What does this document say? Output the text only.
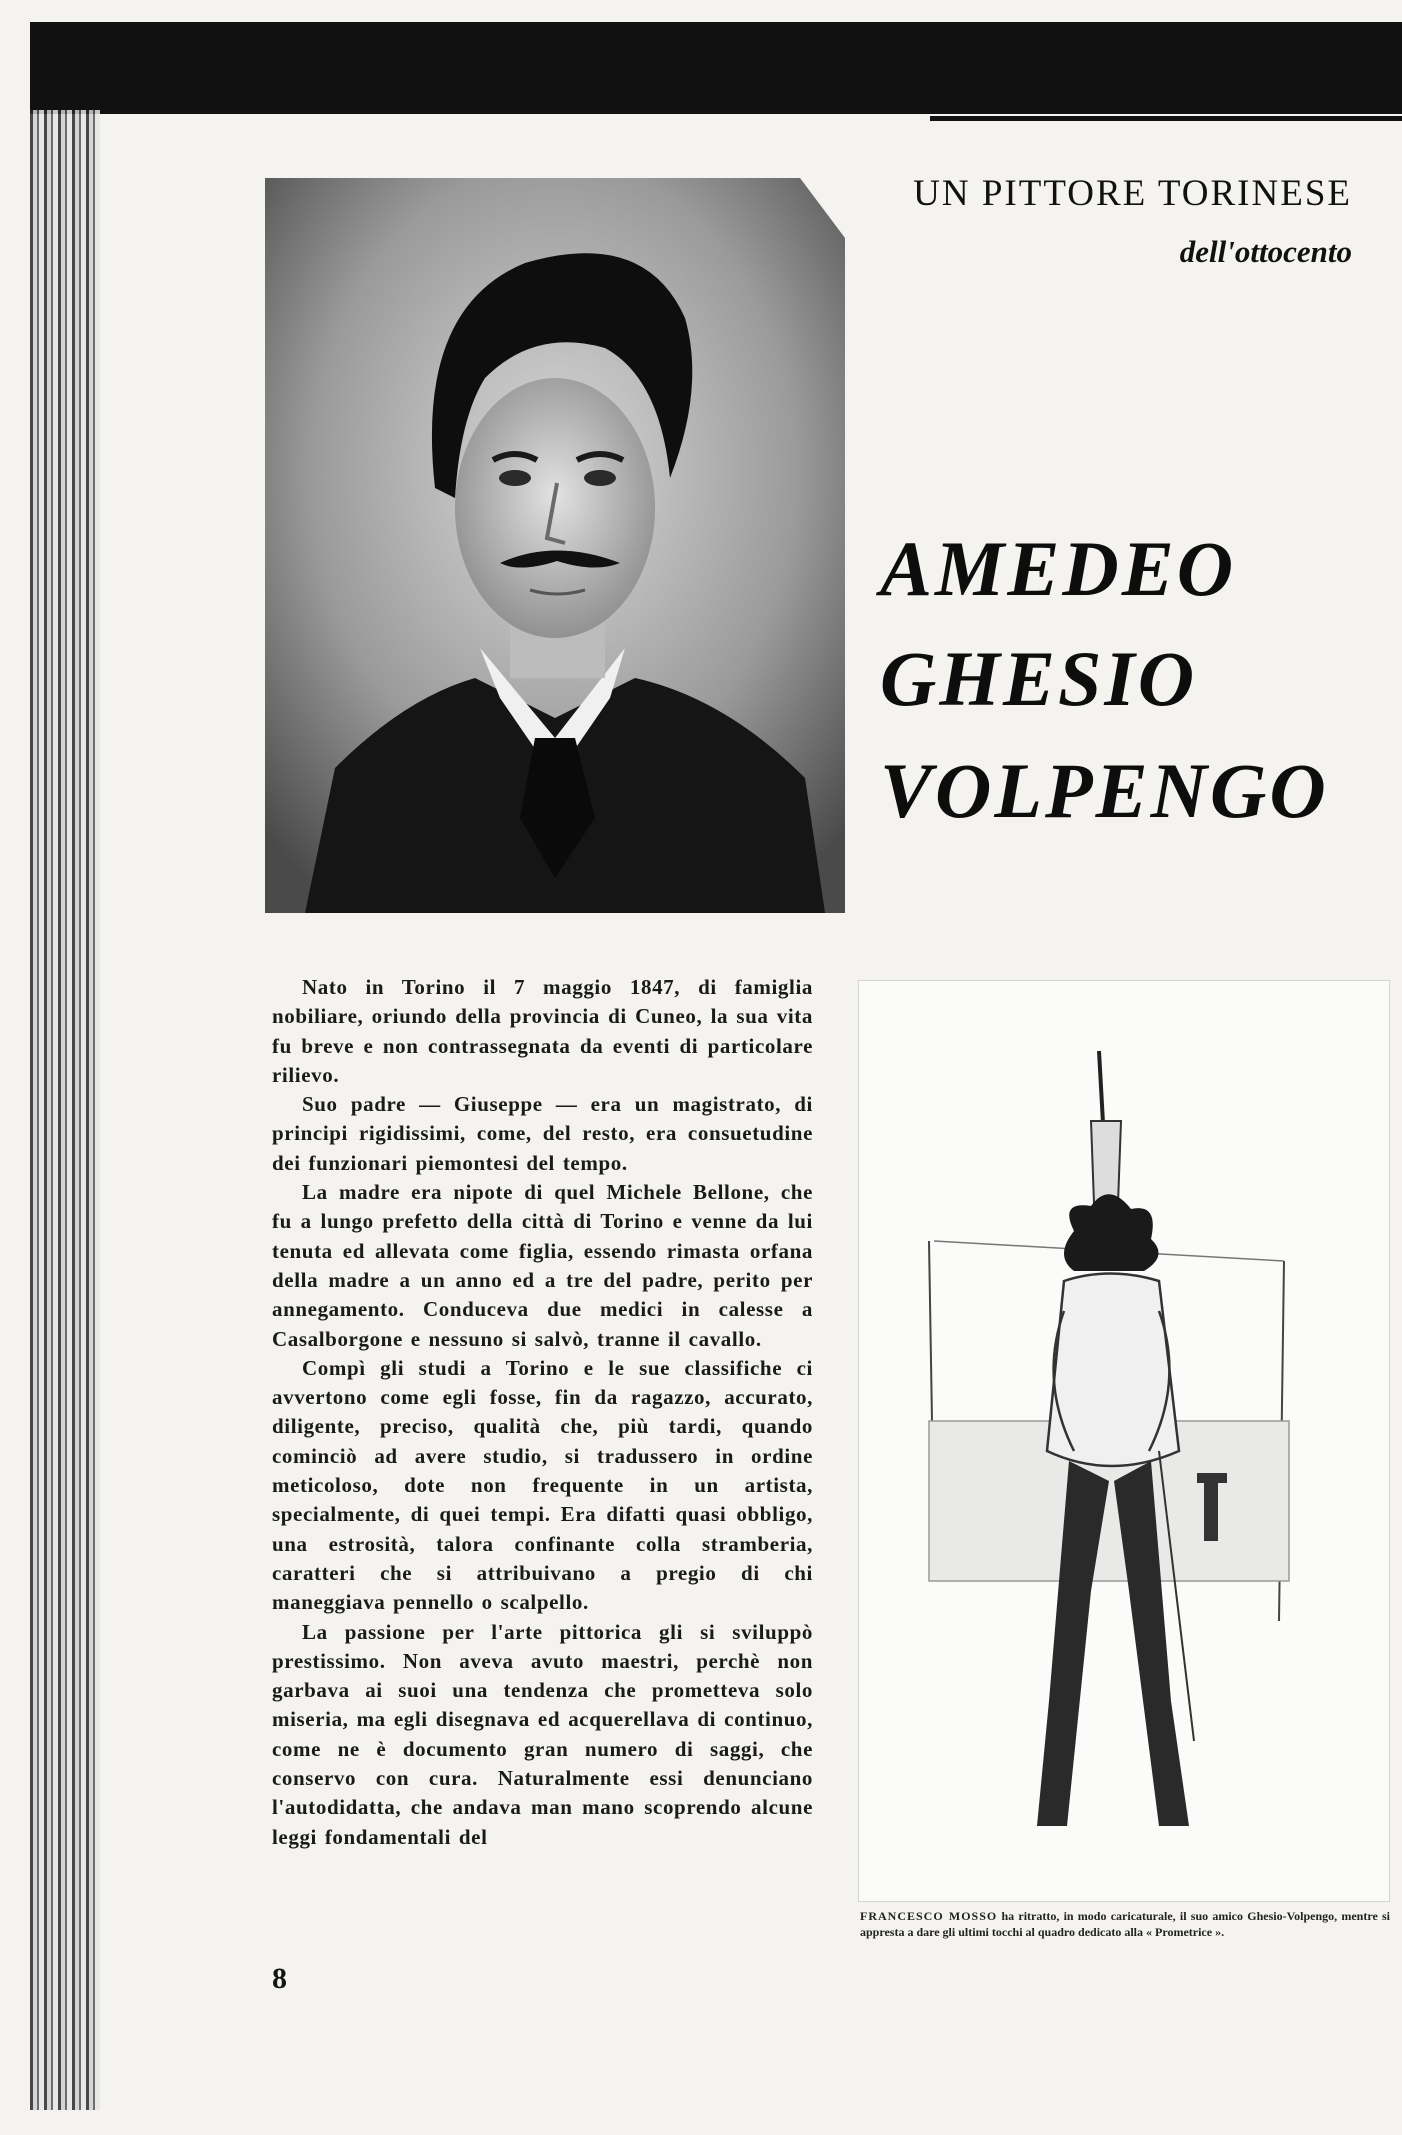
UN PITTORE TORINESE
dell'ottocento
AMEDEO
GHESIO
VOLPENGO

Nato in Torino il 7 maggio 1847, di famiglia nobiliare, oriundo della provincia di Cuneo, la sua vita fu breve e non contrassegnata da eventi di particolare rilievo.

Suo padre — Giuseppe — era un magistrato, di principi rigidissimi, come, del resto, era consuetudine dei funzionari piemontesi del tempo.

La madre era nipote di quel Michele Bellone, che fu a lungo prefetto della città di Torino e venne da lui tenuta ed allevata come figlia, essendo rimasta orfana della madre a un anno ed a tre del padre, perito per annegamento. Conduceva due medici in calesse a Casalborgone e nessuno si salvò, tranne il cavallo.

Compì gli studi a Torino e le sue classifiche ci avvertono come egli fosse, fin da ragazzo, accurato, diligente, preciso, qualità che, più tardi, quando cominciò ad avere studio, si tradussero in ordine meticoloso, dote non frequente in un artista, specialmente, di quei tempi. Era difatti quasi obbligo, una estrosità, talora confinante colla stramberia, caratteri che si attribuivano a pregio di chi maneggiava pennello o scalpello.

La passione per l'arte pittorica gli si sviluppò prestissimo. Non aveva avuto maestri, perchè non garbava ai suoi una tendenza che prometteva solo miseria, ma egli disegnava ed acquerellava di continuo, come ne è documento gran numero di saggi, che conservo con cura. Naturalmente essi denunciano l'autodidatta, che andava man mano scoprendo alcune leggi fondamentali del

8
FRANCESCO MOSSO ha ritratto, in modo caricaturale, il suo amico Ghesio-Volpengo, mentre si appresta a dare gli ultimi tocchi al quadro dedicato alla « Prometrice ».
